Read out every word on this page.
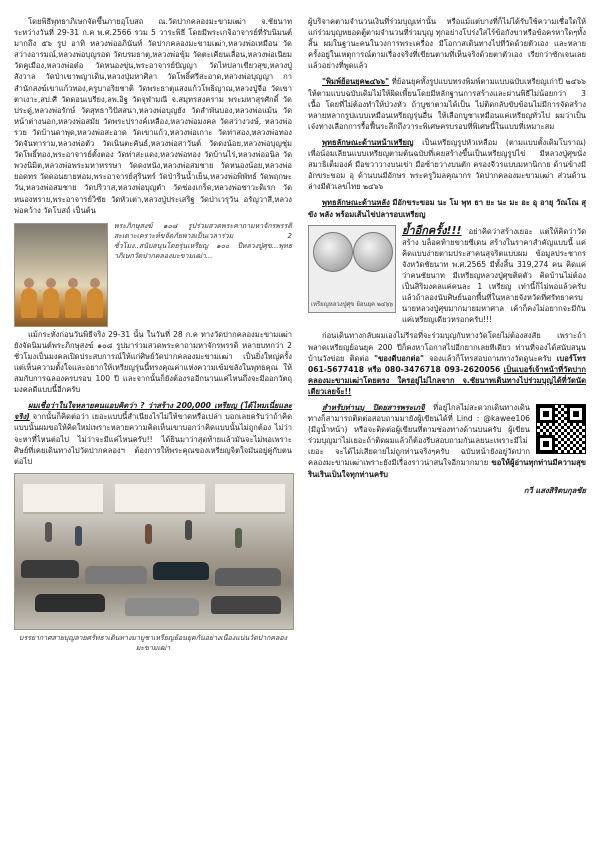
โดยพิธีพุทธาภิเษกจัดขึ้นภายอุโบสถ ณ.วัดปากคลองมะขามเฒ่า จ.ชัยนาท ระหว่างวันที่ 29-31 ก.ค พ.ศ.2566 รวม 5 วาระพิธี โดยมีพระเกจิอาจารย์ที่รับนิมนต์มากถึง ๕๖ รูป อาทิ หลวงพ่ออภินันท์ วัดปากคลองมะขามเฒ่า,หลวงพ่อเหมือน วัดสว่างอารมณ์,หลวงพ่อบุญรอด วัดบรมธาตุ,หลวงพ่อขุ้ม วัดตะเคียนเลื่อน,หลวงพ่อเนียม วัดคูเมือง,หลวงพ่อต๋อ วัดหนองขุ่น,พระอาจารย์ปัญญา วัดไหปลาเขียวสุข,หลวงปู่สังวาล วัดป่าเขาพญาเดิน,หลวงปุ่มหาศิลา วัดโพธิ์ศรีสะอาด,หลวงพ่อบุญญา กาสำนักสงฆ์เขาแก้วทอง,ครูบาอริยชาติ วัดพระธาตุแสงแก้วโพธิญาณ,หลวงปู่จือ วัดเขาตาเงาะ,สป.ศี วัดดอนเบรียง,ลพ.อิฐ วัดจุฬามณี จ.สมุทรสงคราม พระมหาสุรศักดิ์ วัดประดู่,หลวงพ่อรักษ์ วัดสุทธาวิปัสสนา,หลวงพ่อบุญยัง วัดสำพันบอง,หลวงพ่อแม้น วัดหน้าต่างนอก,หลวงพ่อสมัย วัดพระปรางค์เหลือง,หลวงพ่อมงคล วัดสว่างวงษ์, หลวงพ่อรวย วัดบ้านดาพุด,หลวงพ่อสะอาด วัดเขาแก้ว,หลวงพ่อเกาะ วัดท่าสอง,หลวงพ่อทอง วัดจันทาราม,หลวงพ่อตัว วัดเนินตะคันธ์,หลวงพ่อสาวันต์ วัดดงน้อย,หลวงพ่อบุญชุ่ม วัดโพธิ์ทอง,พระอาจารย์ตั้งตอง วัดท่าสะแดง,หลวงพ่อทอง วัดบ้านไร่,หลวงพ่ออนิล วัดพวงนิมิต,หลวงพ่อพระมหาหรรษา วัดดงหนัง,หลวงพ่อสมชาย วัดหนองน้อย,หลวงพ่อยอดทร วัดดอนยายหอม,พระอาจารย์สุรินทร์ วัดป่ารินน้ำเย็น,หลวงพ่อพิพัทธ์ วัดพฤกษะวัน,หลวงพ่อสมชาย วัดปริวาส,หลวงพ่อบุญตำ วัดช่องเกร็ด,หลวงพ่อชาวะดิเรก วัดหนองทราย,พระอาจารย์วิชัย วัดหัวเต่า,หลวงปู่ประเสริฐ วัดป่าเวรุวัน อรัญวาสี,หลวงพ่อคว้าง วัดโบสถ์ เป็นต้น

พระภิกษุสงฆ์ ๑๐๘ รูปร่วมสวดพระคาถามหาจักรพรรดิสะเดาะเคราะห์ขจัดภัยพาลเป็นเวลาร่วม 2 ชั่วโมง..สนับสนุนโดยรุ่นเหรียญ ๑๐๐ ปีหลวงปู่ศุข...พุทธาภิเษกวัดปากคลองมะขามเฒ่า...

แม้กระทั่งก่อนวันพิธีจริง 29-31 นั้น ในวันที่ 28 ก.ค ทางวัดปากคลองมะขามเฒ่ายังจัดนิมนต์พระภิกษุสงฆ์ ๑๐๘ รูปมาร่วมสวดพระคาถามหาจักรพรรดิ หลายบทกว่า 2 ชั่วโมงเป็นมงคลเปิดประสบการณ์ให้แก่ศิษย์วัดปากคลองมะขามเฒ่า เป็นยิ่งใหญ่ครั้ง แต่เห็นความตั้งใจและอยากให้เหรียญรุ่นนี้ทรงคุณค่าแห่งความเข้มขลังในพุทธคุณ ให้สมกับการฉลองครบรอบ 100 ปี และจากนั้นก็ยังต้องรออีกนานแค่ไหนถึงจะมีออกวัตถุมงคลดีแบบนี้อีกครับ

ผมเชื่อว่าในใจหลายคนแอบคิดว่า ? ว่าสร้าง 200,000 เหรียญ (ได้ไหมเนี่ยและจริง) จากนั้นก็คิดต่อว่า เยอะแบบนี้สำเนียงไรไม่ให้ขาดหรือเปล่า บอกเลยครับว่าถ้าคิดแบบนั้นผมขอให้คิดใหม่เพราะหลายความคิดเห็นเขาบอกว่าคิดแบบนั้นไม่ถูกต้อง ไม่ว่าจะหาที่ไหนต่อไป ไม่ว่าจะมีแค่ไหนครับ!! ได้ยินมาว่าสุดท้ายแล้วมันจะไม่พอเพราะศิษย์ที่เคยเดินทางไปวัดปากคลองฯ ต้องการให้พระคุณของเหรียญจิตใจมันอยู่คู่กับตนต่อไป

บรรยากาศสายบุญลายศรัทธาเดินทางมาบูชาเหรียญย้อนยุคกันอย่างเนืองแน่นวัดปากคลองมะขามเฒ่า

ผู้บริจาคตามจำนวนเงินที่ร่วมบุญเท่านั้น หรือแม้แต่บางที่ก็ไม่ได้รับใช้ความเชื่อใดให้แก่ร่วมบุญหยอดตู้ตามจำนวนที่ร่วมบุญ ทุกอย่างโปร่งใสไร้ข้อกังขาหรือข้อครหาใดๆทั้งสิ้น ผมในฐานะคนในวงการพระเครื่อง มีโอกาสเดินทางไปที่วัดด้วยตัวเอง และหลายครั้งอยู่ในเหตุการณ์ตามเรื่องจริงที่เขียนตามที่เห็นจริงด้วยตาตัวเอง เรียกว่าซักเจนเลยแล้วอย่างที่พูดแล้ว

"พิมพ์ย้อนยุค๒๔๖๖" ที่ย้อนยุคทั้งรูปแบบทรงพิมพ์ตามแบบฉบับเหรียญเก่าปี ๒๔๖๖ ให้ตามแบบฉบับเดิมไม่ให้ผิดเพี้ยนโดยมีหลักฐานการสร้างและผ่านพิธีไม่น้อยกว่า 3 เนื้อ โดยที่ไม่ต้องทำให้ป่วงหัว ถ้าบูชาตามได้เป็น ไม่ติดกลับขับข้อนไม่มีการจัดสร้างหลายหลากรูปแบบเหมือนเหรียญรุ่นอื่น ให้เลือกบูชาเหมือนแค่เหรียญทั่วไป ผมว่าเป็นเจ๋งทางเลือกการรื้อฟื้นระลึกถึงวาระพิเศษครบรอบที่พิเศษนี้ในแบบที่เหมาะสม

พุทธลักษณะด้านหน้าเหรียญ เป็นเหรียญรูปหัวเหลือม (ตามแบบตั้งเดิมโบราณ) เพื่อน้อมเลียนแบบเหรียญตามต้นฉบับที่เคยสร้างขึ้นเป็นเหรียญรูปไข่ มีหลวงปู่ศุขนั่งสมาธิเต็มองค์ มือขวาวางบนเข่า มือซ้ายวางบนตัก ครองจีวรแบบมหานิกาย ด้านข้างมีอักขระขอม อุ ด้านบนมีอักษร พระครูวิมลคุณากร วัดปากคลองมะขามเฒ่า ส่วนด้านล่างมีตัวเลขไทย ๒๔๖๖

พุทธลักษณะด้านหลัง มีอักขระขอม นะ โม พุท ธา ยะ นะ มะ อะ อุ อายุ วัณโณ สุขัง พลัง พร้อมเส้นไข่ปลารอบเหรียญ

เหรียญหลวงปู่ศุข ย้อนยุค ๒๔๖๖

ย้ำอีกครั้ง!!! อย่าคิดว่าสร้างเยอะ แต่ให้คิดว่าวัดสร้าง บล็อคท้ายขายซีเดน สร้างในราคาสำคัญแบบนี้ แค่คิดแบบง่ายตามประสาคนสุจริตแบบผม ข้อมูลประชากรจังหวัดชัยนาท พ.ศ.2565 มีทั้งสิ้น 319,274 คน คิดแค่ว่าคนชัยนาท มีเหรียญหลวงปู่ศุขติดตัว คิดบ้านไม่ต้องเป็นสิริมงคลแค่คนละ 1 เหรียญ เท่านี้ก็ไม่พอแล้วครับ แล้วถ้าลองนับศิษย์นอกพื้นที่ในหลายจังหวัดที่ศรัทธาครบนายหลวงปู่ศุขมากมายมหาศาล เค้าก็คงไม่อยากจะมีกันแค่เหรียญเดียวหรอกครับ!!!

ก่อนเดินทางกลับผมเองไม่รีรอที่จะร่วมบุญกับทางวัดโดยไม่ต้องสงสัย เพราะถ้าพลาดเหรียญย้อนยุค 200 ปีก็คงหาโอกาสไปอีกยากเลยทีเดียว ท่านที่จองได้สนับสนุนบ้านวังข่อย ติดต่อ "ของดีบอกต่อ" จองแล้วก็โทรสอบถามทางวัดดูนะครับ เบอร์โทร 061-5677418 หรือ 080-3476718 093-2620056 เป็นเบอร์เจ้าหน้าที่วัดปากคลองมะขามเฒ่าโดยตรง ใครอยู่ไม่ไกลจาก จ.ชัยนาทเดินทางไปร่วมบุญได้ที่วัดนัดเดียวเลยจ้ะ!!

สำหรับท่านบุ ปิดยสารพระเกจิ ที่อยู่ไกลไม่สะดวกเดินทางเดินทางก็สามารถติดต่อสอบถามมายังผู้เขียนได้ที่ Lind : @kawee106 (มีอูน้ำหน้า) หรือจะติดต่อผู้เขียนที่ตามช่องทางด้านบนครับ ผู้เขียนร่วมบุญมาไม่เยอะถ้าติดผมแล้วก็ต้องรีบสอบถามกันเลยนะเพราะมีไม่เยอะ จะได้ไม่เสียดายไม่ถูกท่านจริงๆครับ ฉบับหน้ายังอยู่วัดปากคลองมะขามเฒ่าเพราะยังมีเรื่องราวน่าสนใจอีกมากมาย ขอให้ผู้อ่านทุกท่านมีความสุขรินเรินเป็นใจทุกท่านครับ

กวี แสงสิริตบกุลชัย
